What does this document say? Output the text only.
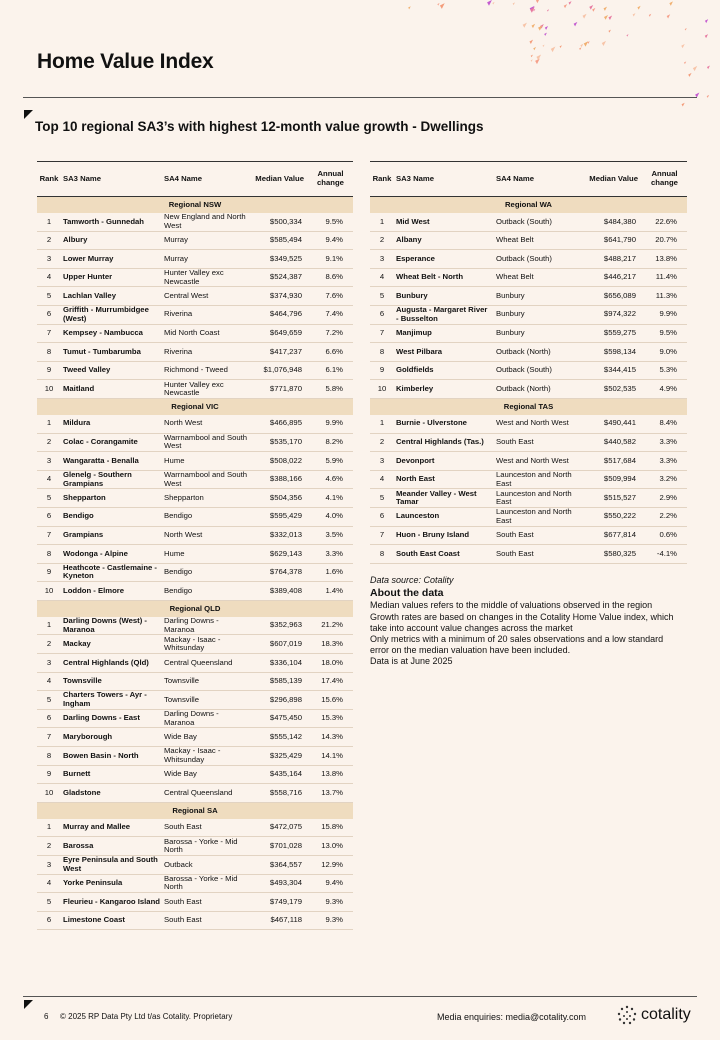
Home Value Index
Top 10 regional SA3’s with highest 12-month value growth - Dwellings
Rank	SA3 Name	SA4 Name	Median Value	Annual change
Regional NSW				
1	Tamworth - Gunnedah	New England and North West	$500,334	9.5%
2	Albury	Murray	$585,494	9.4%
3	Lower Murray	Murray	$349,525	9.1%
4	Upper Hunter	Hunter Valley exc Newcastle	$524,387	8.6%
5	Lachlan Valley	Central West	$374,930	7.6%
6	Griffith - Murrumbidgee (West)	Riverina	$464,796	7.4%
7	Kempsey - Nambucca	Mid North Coast	$649,659	7.2%
8	Tumut - Tumbarumba	Riverina	$417,237	6.6%
9	Tweed Valley	Richmond - Tweed	$1,076,948	6.1%
10	Maitland	Hunter Valley exc Newcastle	$771,870	5.8%
Regional VIC				
1	Mildura	North West	$466,895	9.9%
2	Colac - Corangamite	Warrnambool and South West	$535,170	8.2%
3	Wangaratta - Benalla	Hume	$508,022	5.9%
4	Glenelg - Southern Grampians	Warrnambool and South West	$388,166	4.6%
5	Shepparton	Shepparton	$504,356	4.1%
6	Bendigo	Bendigo	$595,429	4.0%
7	Grampians	North West	$332,013	3.5%
8	Wodonga - Alpine	Hume	$629,143	3.3%
9	Heathcote - Castlemaine - Kyneton	Bendigo	$764,378	1.6%
10	Loddon - Elmore	Bendigo	$389,408	1.4%
Regional QLD				
1	Darling Downs (West) - Maranoa	Darling Downs - Maranoa	$352,963	21.2%
2	Mackay	Mackay - Isaac - Whitsunday	$607,019	18.3%
3	Central Highlands (Qld)	Central Queensland	$336,104	18.0%
4	Townsville	Townsville	$585,139	17.4%
5	Charters Towers - Ayr - Ingham	Townsville	$296,898	15.6%
6	Darling Downs - East	Darling Downs - Maranoa	$475,450	15.3%
7	Maryborough	Wide Bay	$555,142	14.3%
8	Bowen Basin - North	Mackay - Isaac - Whitsunday	$325,429	14.1%
9	Burnett	Wide Bay	$435,164	13.8%
10	Gladstone	Central Queensland	$558,716	13.7%
Regional SA				
1	Murray and Mallee	South East	$472,075	15.8%
2	Barossa	Barossa - Yorke - Mid North	$701,028	13.0%
3	Eyre Peninsula and South West	Outback	$364,557	12.9%
4	Yorke Peninsula	Barossa - Yorke - Mid North	$493,304	9.4%
5	Fleurieu - Kangaroo Island	South East	$749,179	9.3%
6	Limestone Coast	South East	$467,118	9.3%
Rank	SA3 Name	SA4 Name	Median Value	Annual change
Regional WA				
1	Mid West	Outback (South)	$484,380	22.6%
2	Albany	Wheat Belt	$641,790	20.7%
3	Esperance	Outback (South)	$488,217	13.8%
4	Wheat Belt - North	Wheat Belt	$446,217	11.4%
5	Bunbury	Bunbury	$656,089	11.3%
6	Augusta - Margaret River - Busselton	Bunbury	$974,322	9.9%
7	Manjimup	Bunbury	$559,275	9.5%
8	West Pilbara	Outback (North)	$598,134	9.0%
9	Goldfields	Outback (South)	$344,415	5.3%
10	Kimberley	Outback (North)	$502,535	4.9%
Regional TAS				
1	Burnie - Ulverstone	West and North West	$490,441	8.4%
2	Central Highlands (Tas.)	South East	$440,582	3.3%
3	Devonport	West and North West	$517,684	3.3%
4	North East	Launceston and North East	$509,994	3.2%
5	Meander Valley - West Tamar	Launceston and North East	$515,527	2.9%
6	Launceston	Launceston and North East	$550,222	2.2%
7	Huon - Bruny Island	South East	$677,814	0.6%
8	South East Coast	South East	$580,325	-4.1%
Data source: Cotality
About the data
Median values refers to the middle of valuations observed in the region
Growth rates are based on changes in the Cotality Home Value index, which take into account value changes across the market
Only metrics with a minimum of 20 sales observations and a low standard error on the median valuation have been included.
Data is at June 2025
6 © 2025 RP Data Pty Ltd t/as Cotality. Proprietary	Media enquiries: media@cotality.com	cotality
